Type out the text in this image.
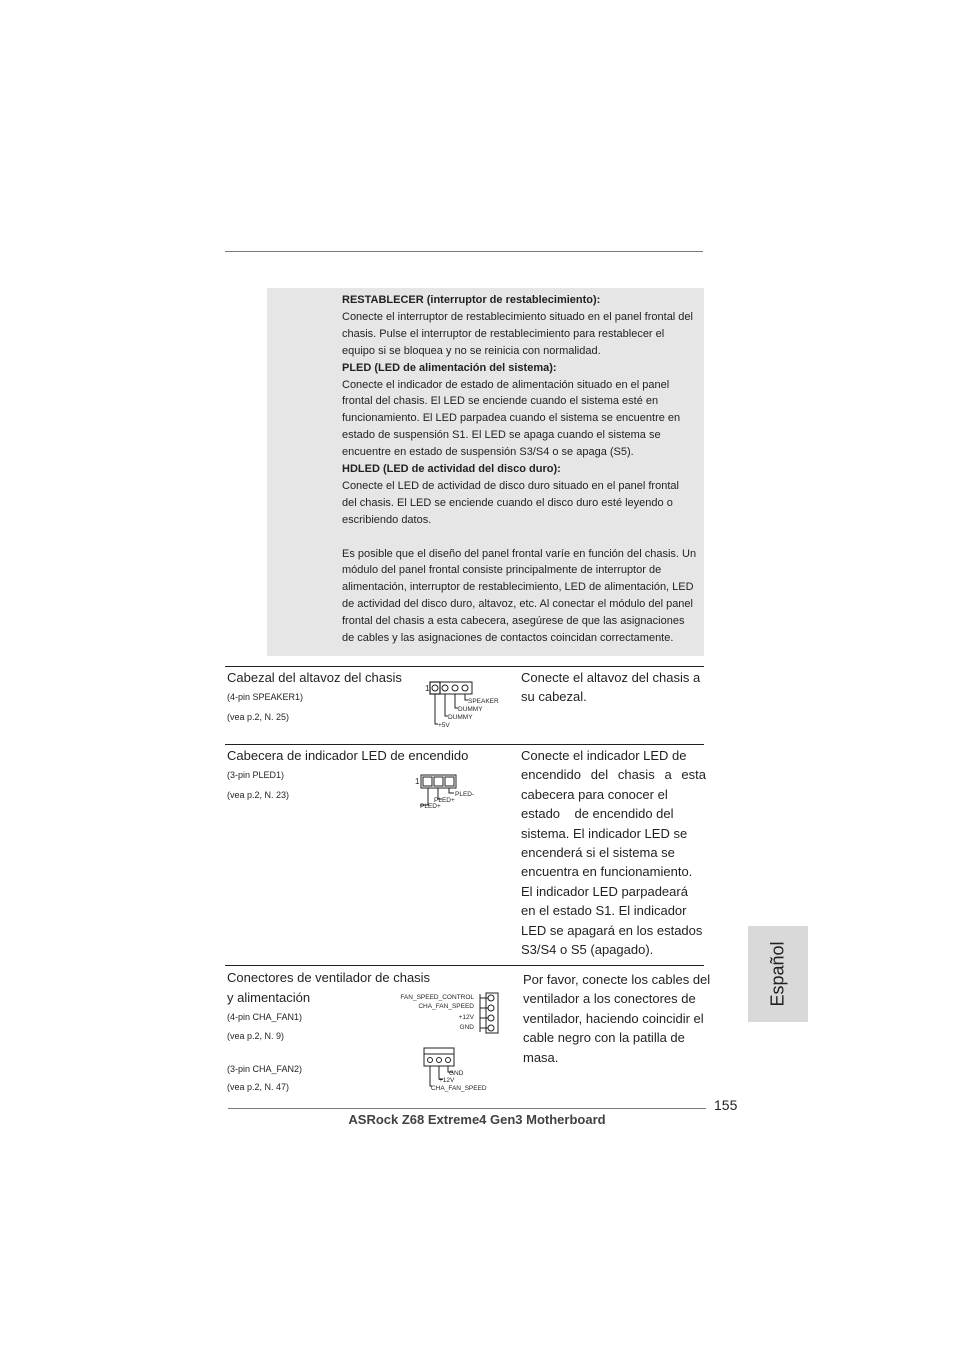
RESTABLECER (interruptor de restablecimiento):
Conecte el interruptor de restablecimiento situado en el panel frontal del
chasis. Pulse el interruptor de restablecimiento para restablecer el
equipo si se bloquea y no se reinicia con normalidad.
PLED (LED de alimentación del sistema):
Conecte el indicador de estado de alimentación situado en el panel
frontal del chasis. El LED se enciende cuando el sistema esté en
funcionamiento. El LED parpadea cuando el sistema se encuentre en
estado de suspensión S1. El LED se apaga cuando el sistema se
encuentre en estado de suspensión S3/S4 o se apaga (S5).
HDLED (LED de actividad del disco duro):
Conecte el LED de actividad de disco duro situado en el panel frontal
del chasis. El LED se enciende cuando el disco duro esté leyendo o
escribiendo datos.
Es posible que el diseño del panel frontal varíe en función del chasis. Un
módulo del panel frontal consiste principalmente de interruptor de
alimentación, interruptor de restablecimiento, LED de alimentación, LED
de actividad del disco duro, altavoz, etc. Al conectar el módulo del panel
frontal del chasis a esta cabecera, asegúrese de que las asignaciones
de cables y las asignaciones de contactos coincidan correctamente.
Cabezal del altavoz del chasis
(4-pin SPEAKER1)
(vea p.2, N. 25)
1
SPEAKER
DUMMY
DUMMY
+5V
Conecte el altavoz del chasis a
su cabezal.
Cabecera de indicador LED de encendido
(3-pin PLED1)
(vea p.2, N. 23)
1
PLED-
PLED+
PLED+
Conecte el indicador LED de
encendido del chasis a esta
cabecera para conocer el
estado    de encendido del
sistema. El indicador LED se
encenderá si el sistema se
encuentra en funcionamiento.
El indicador LED parpadeará
en el estado S1. El indicador
LED se apagará en los estados
S3/S4 o S5 (apagado).
Conectores de ventilador de chasis
y alimentación
(4-pin CHA_FAN1)
(vea p.2, N. 9)
(3-pin CHA_FAN2)
(vea p.2, N. 47)
FAN_SPEED_CONTROL
CHA_FAN_SPEED
+12V
GND
GND
+12V
CHA_FAN_SPEED
Por favor, conecte los cables del
ventilador a los conectores de
ventilador, haciendo coincidir el
cable negro con la patilla de
masa.
Español
155
ASRock Z68 Extreme4 Gen3 Motherboard
